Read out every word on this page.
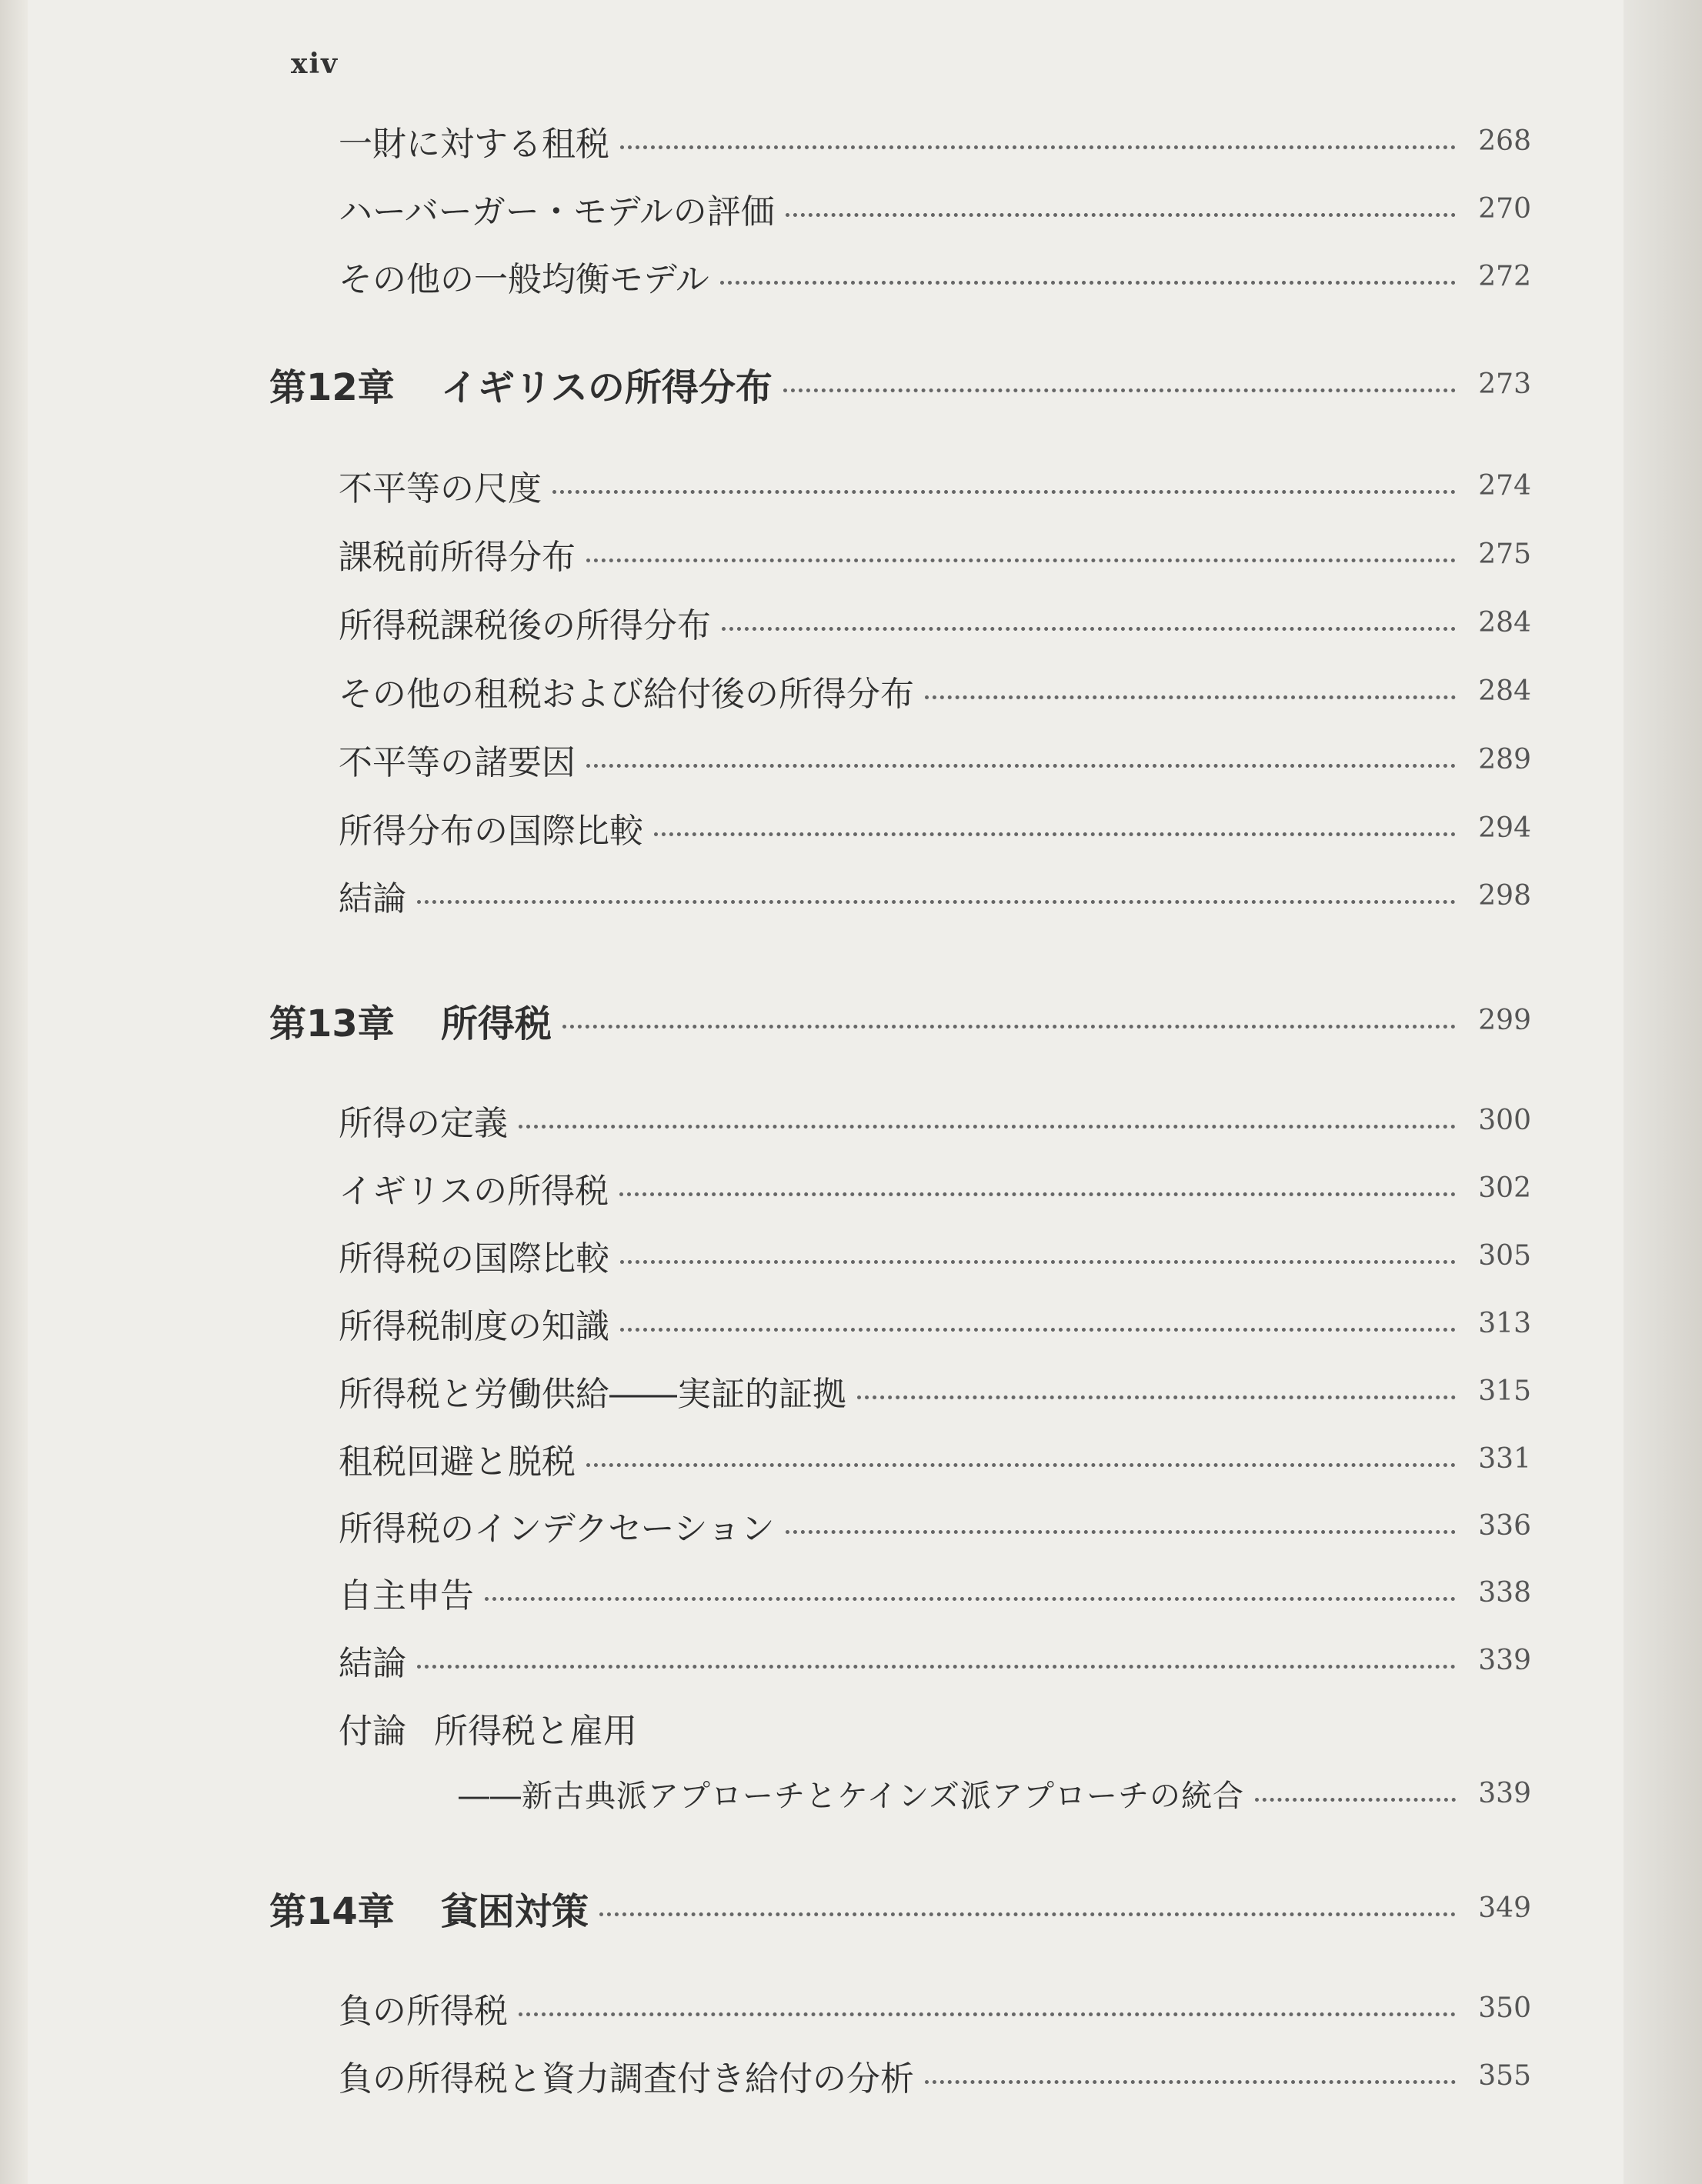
xiv
一財に対する租税	268
ハーバーガー・モデルの評価	270
その他の一般均衡モデル	272
第12章 イギリスの所得分布	273
不平等の尺度	274
課税前所得分布	275
所得税課税後の所得分布	284
その他の租税および給付後の所得分布	284
不平等の諸要因	289
所得分布の国際比較	294
結論	298
第13章 所得税	299
所得の定義	300
イギリスの所得税	302
所得税の国際比較	305
所得税制度の知識	313
所得税と労働供給――実証的証拠	315
租税回避と脱税	331
所得税のインデクセーション	336
自主申告	338
結論	339
付論 所得税と雇用
――新古典派アプローチとケインズ派アプローチの統合	339
第14章 貧困対策	349
負の所得税	350
負の所得税と資力調査付き給付の分析	355
